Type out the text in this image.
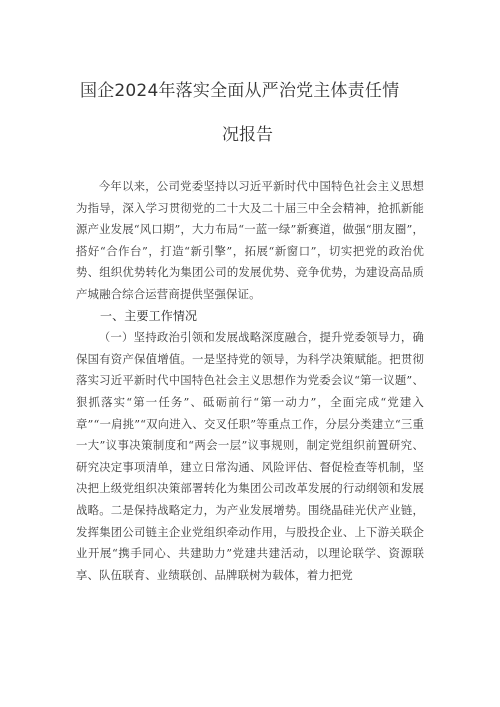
国企2024年落实全面从严治党主体责任情
况报告

今年以来，公司党委坚持以习近平新时代中国特色社会主义思想为指导，深入学习贯彻党的二十大及二十届三中全会精神，抢抓新能源产业发展“风口期”，大力布局“一蓝一绿”新赛道，做强“朋友圈”，搭好“合作台”，打造“新引擎”，拓展“新窗口”，切实把党的政治优势、组织优势转化为集团公司的发展优势、竞争优势，为建设高品质产城融合综合运营商提供坚强保证。

一、主要工作情况

（一）坚持政治引领和发展战略深度融合，提升党委领导力，确保国有资产保值增值。一是坚持党的领导，为科学决策赋能。把贯彻落实习近平新时代中国特色社会主义思想作为党委会议“第一议题”、狠抓落实“第一任务”、砥砺前行“第一动力”，全面完成“党建入章”“一肩挑”“双向进入、交叉任职”等重点工作，分层分类建立“三重一大”议事决策制度和“两会一层”议事规则，制定党组织前置研究、研究决定事项清单，建立日常沟通、风险评估、督促检查等机制，坚决把上级党组织决策部署转化为集团公司改革发展的行动纲领和发展战略。二是保持战略定力，为产业发展增势。围绕晶硅光伏产业链，发挥集团公司链主企业党组织牵动作用，与股投企业、上下游关联企业开展“携手同心、共建助力”党建共建活动，以理论联学、资源联享、队伍联育、业绩联创、品牌联树为载体，着力把党
